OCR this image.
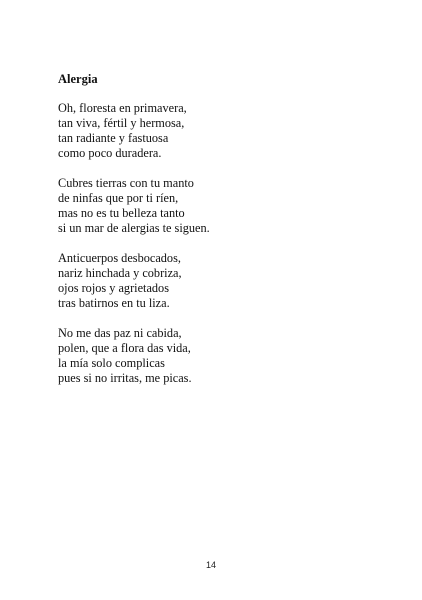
Alergia
Oh, floresta en primavera,
tan viva, fértil y hermosa,
tan radiante y fastuosa
como poco duradera.
Cubres tierras con tu manto
de ninfas que por ti ríen,
mas no es tu belleza tanto
si un mar de alergias te siguen.
Anticuerpos desbocados,
nariz hinchada y cobriza,
ojos rojos y agrietados
tras batirnos en tu liza.
No me das paz ni cabida,
polen, que a flora das vida,
la mía solo complicas
pues si no irritas, me picas.
14
